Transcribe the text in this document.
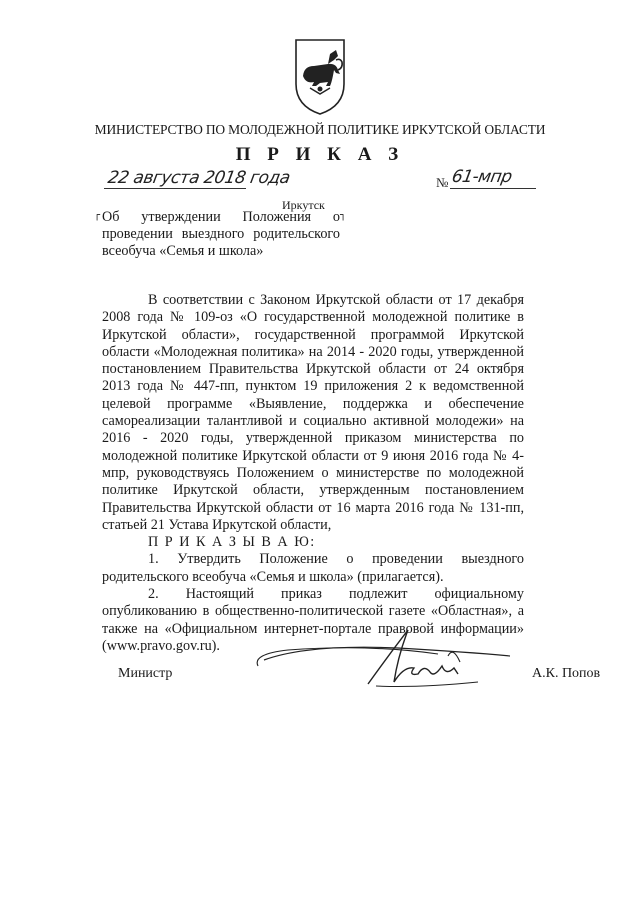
МИНИСТЕРСТВО ПО МОЛОДЕЖНОЙ ПОЛИТИКЕ ИРКУТСКОЙ ОБЛАСТИ
П Р И К А З
22 августа 2018 года	№ 61-мпр
Иркутск
┌	┐
Об утверждении Положения о проведении выездного родительского всеобуча «Семья и школа»

В соответствии с Законом Иркутской области от 17 декабря 2008 года № 109-оз «О государственной молодежной политике в Иркутской области», государственной программой Иркутской области «Молодежная политика» на 2014 - 2020 годы, утвержденной постановлением Правительства Иркутской области от 24 октября 2013 года № 447-пп, пунктом 19 приложения 2 к ведомственной целевой программе «Выявление, поддержка и обеспечение самореализации талантливой и социально активной молодежи» на 2016 - 2020 годы, утвержденной приказом министерства по молодежной политике Иркутской области от 9 июня 2016 года № 4-мпр, руководствуясь Положением о министерстве по молодежной политике Иркутской области, утвержденным постановлением Правительства Иркутской области от 16 марта 2016 года № 131-пп, статьей 21 Устава Иркутской области,

П Р И К А З Ы В А Ю:

1. Утвердить Положение о проведении выездного родительского всеобуча «Семья и школа» (прилагается).

2. Настоящий приказ подлежит официальному опубликованию в общественно-политической газете «Областная», а также на «Официальном интернет-портале правовой информации» (www.pravo.gov.ru).

Министр	А.К. Попов
